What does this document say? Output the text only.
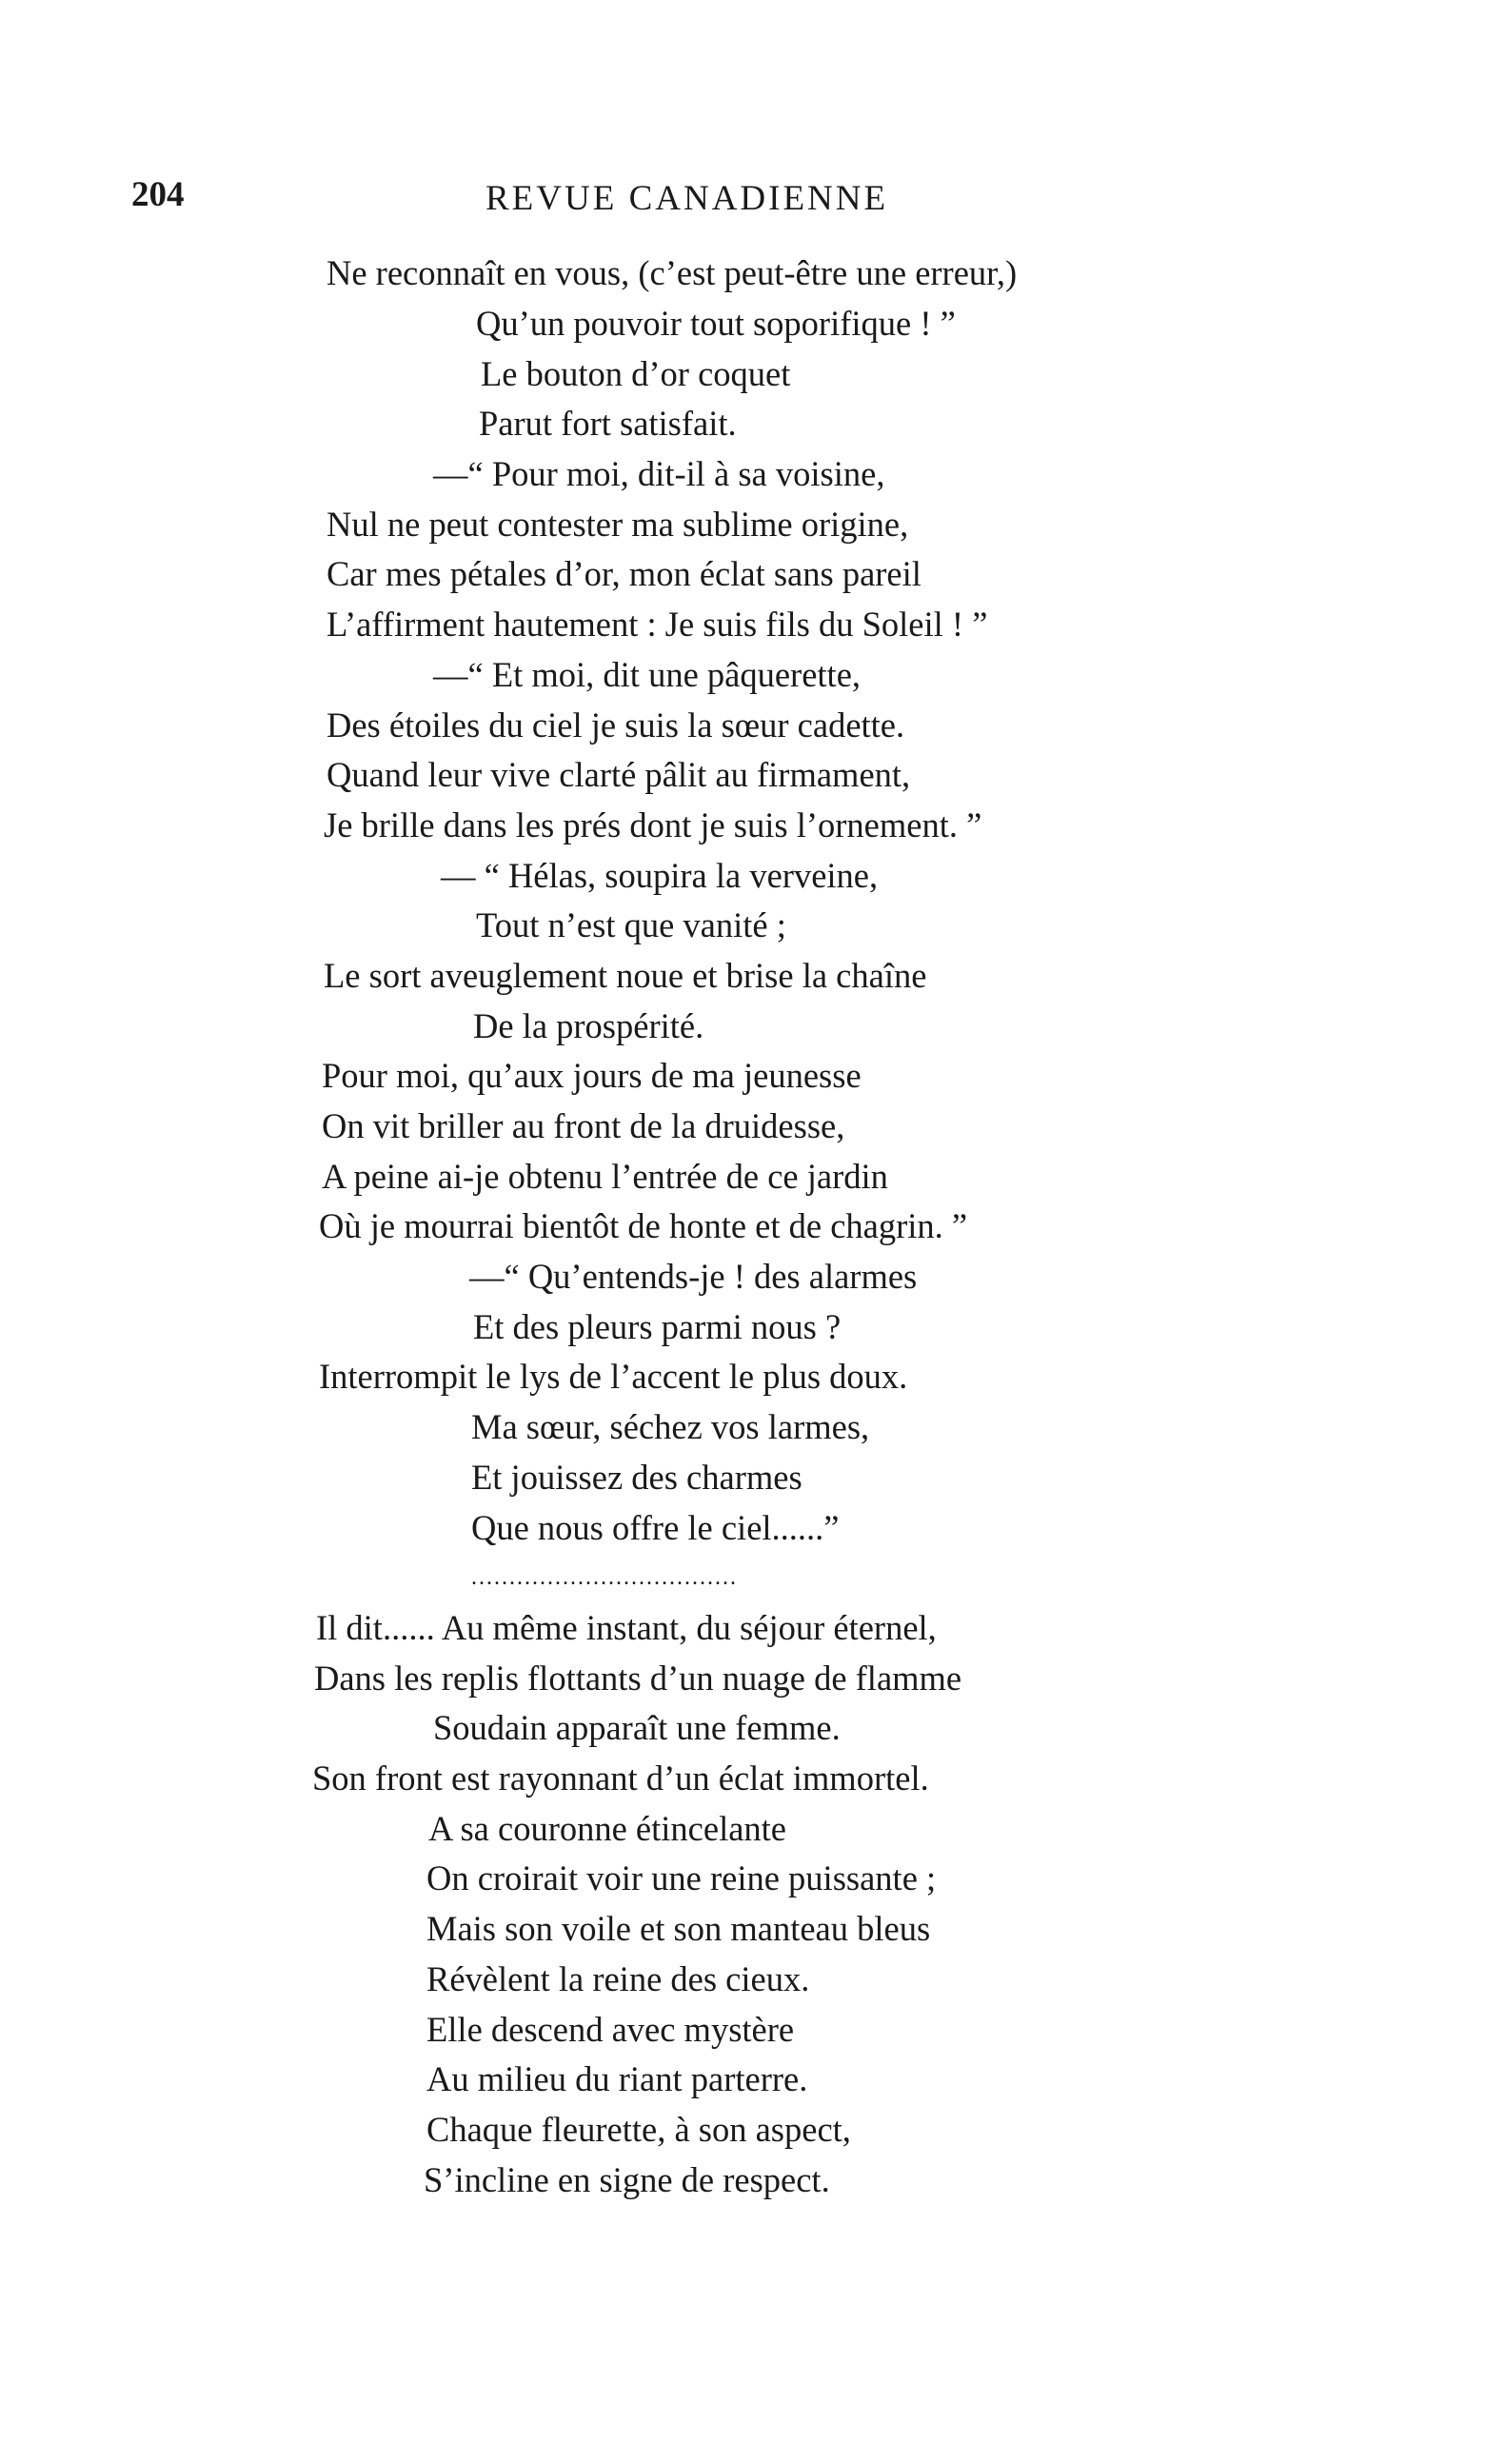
204	REVUE CANADIENNE
Ne reconnaît en vous, (c’est peut-être une erreur,)
Qu’un pouvoir tout soporifique ! ”
Le bouton d’or coquet
Parut fort satisfait.
—“ Pour moi, dit-il à sa voisine,
Nul ne peut contester ma sublime origine,
Car mes pétales d’or, mon éclat sans pareil
L’affirment hautement : Je suis fils du Soleil ! ”
—“ Et moi, dit une pâquerette,
Des étoiles du ciel je suis la sœur cadette.
Quand leur vive clarté pâlit au firmament,
Je brille dans les prés dont je suis l’ornement. ”
— “ Hélas, soupira la verveine,
Tout n’est que vanité ;
Le sort aveuglement noue et brise la chaîne
De la prospérité.
Pour moi, qu’aux jours de ma jeunesse
On vit briller au front de la druidesse,
A peine ai-je obtenu l’entrée de ce jardin
Où je mourrai bientôt de honte et de chagrin. ”
—“ Qu’entends-je ! des alarmes
Et des pleurs parmi nous ?
Interrompit le lys de l’accent le plus doux.
Ma sœur, séchez vos larmes,
Et jouissez des charmes
Que nous offre le ciel......”
...................................
Il dit...... Au même instant, du séjour éternel,
Dans les replis flottants d’un nuage de flamme
Soudain apparaît une femme.
Son front est rayonnant d’un éclat immortel.
A sa couronne étincelante
On croirait voir une reine puissante ;
Mais son voile et son manteau bleus
Révèlent la reine des cieux.
Elle descend avec mystère
Au milieu du riant parterre.
Chaque fleurette, à son aspect,
S’incline en signe de respect.
